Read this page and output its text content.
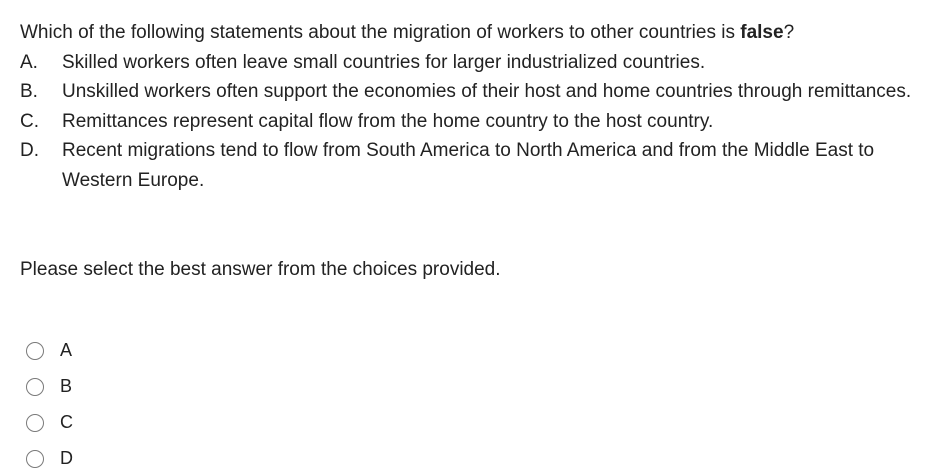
Which of the following statements about the migration of workers to other countries is false?

A.	Skilled workers often leave small countries for larger industrialized countries.
B.	Unskilled workers often support the economies of their host and home countries through remittances.
C.	Remittances represent capital flow from the home country to the host country.
D.	Recent migrations tend to flow from South America to North America and from the Middle East to Western Europe.

Please select the best answer from the choices provided.

A
B
C
D
